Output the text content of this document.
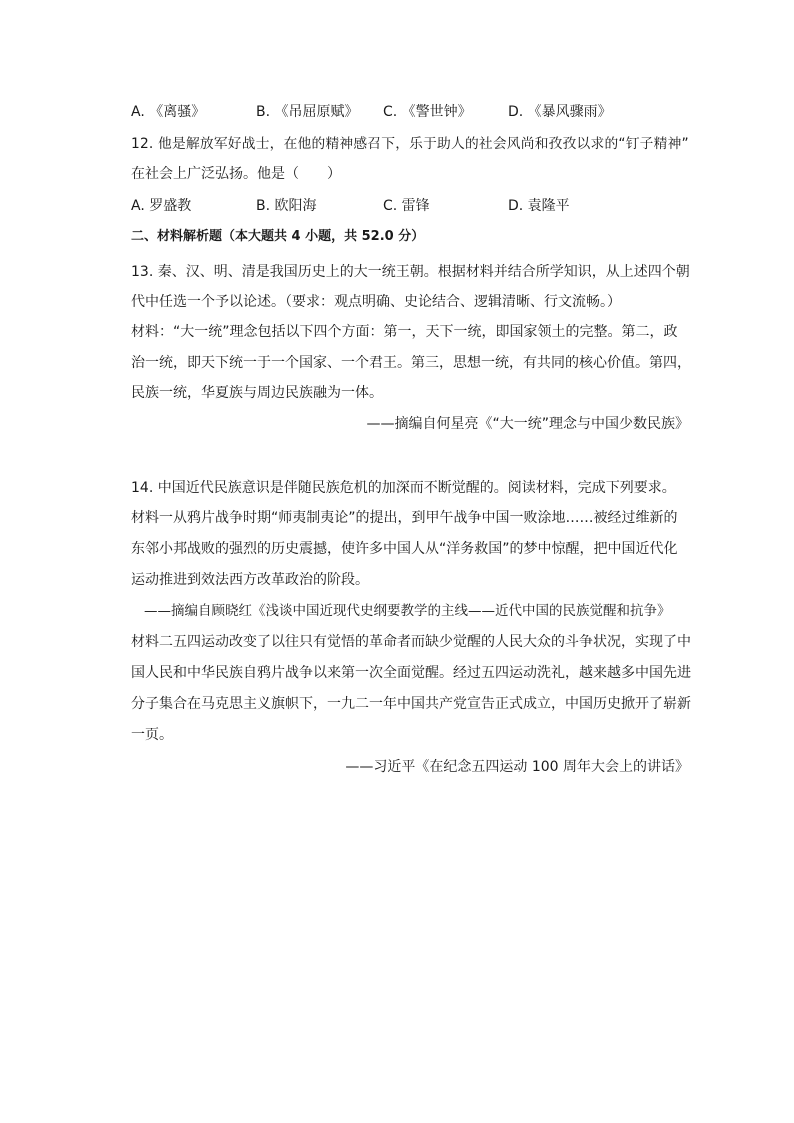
A. 《离骚》	B. 《吊屈原赋》 C. 《警世钟》	D. 《暴风骤雨》
12. 他是解放军好战士，在他的精神感召下，乐于助人的社会风尚和孜孜以求的“钉子精神”
在社会上广泛弘扬。他是（　　）
A. 罗盛教	B. 欧阳海	C. 雷锋	D. 袁隆平
二、材料解析题（本大题共 4 小题，共 52.0 分）
13. 秦、汉、明、清是我国历史上的大一统王朝。根据材料并结合所学知识，从上述四个朝
代中任选一个予以论述。（要求：观点明确、史论结合、逻辑清晰、行文流畅。）
材料：“大一统”理念包括以下四个方面：第一，天下一统，即国家领土的完整。第二，政
治一统，即天下统一于一个国家、一个君王。第三，思想一统，有共同的核心价值。第四，
民族一统，华夏族与周边民族融为一体。
——摘编自何星亮《“大一统”理念与中国少数民族》
14. 中国近代民族意识是伴随民族危机的加深而不断觉醒的。阅读材料，完成下列要求。
材料一从鸦片战争时期“师夷制夷论”的提出，到甲午战争中国一败涂地……被经过维新的
东邻小邦战败的强烈的历史震撼，使许多中国人从“洋务救国”的梦中惊醒，把中国近代化
运动推进到效法西方改革政治的阶段。
——摘编自顾晓红《浅谈中国近现代史纲要教学的主线——近代中国的民族觉醒和抗争》
材料二五四运动改变了以往只有觉悟的革命者而缺少觉醒的人民大众的斗争状况，实现了中
国人民和中华民族自鸦片战争以来第一次全面觉醒。经过五四运动洗礼，越来越多中国先进
分子集合在马克思主义旗帜下，一九二一年中国共产党宣告正式成立，中国历史掀开了崭新
一页。
——习近平《在纪念五四运动 100 周年大会上的讲话》
